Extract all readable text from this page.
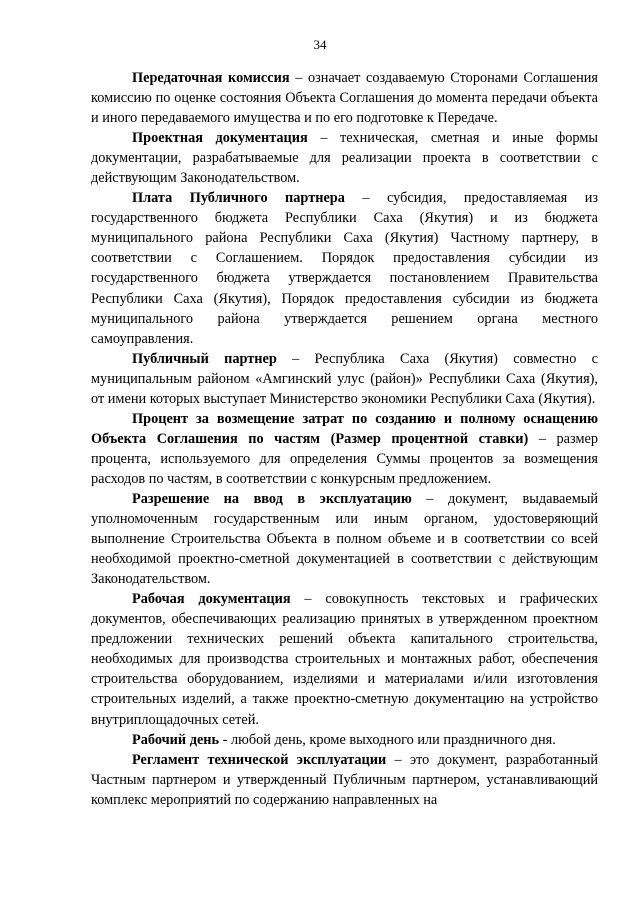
34

Передаточная комиссия – означает создаваемую Сторонами Соглашения комиссию по оценке состояния Объекта Соглашения до момента передачи объекта и иного передаваемого имущества и по его подготовке к Передаче.

Проектная документация – техническая, сметная и иные формы документации, разрабатываемые для реализации проекта в соответствии с действующим Законодательством.

Плата Публичного партнера – субсидия, предоставляемая из государственного бюджета Республики Саха (Якутия) и из бюджета муниципального района Республики Саха (Якутия) Частному партнеру, в соответствии с Соглашением. Порядок предоставления субсидии из государственного бюджета утверждается постановлением Правительства Республики Саха (Якутия), Порядок предоставления субсидии из бюджета муниципального района утверждается решением органа местного самоуправления.

Публичный партнер – Республика Саха (Якутия) совместно с муниципальным районом «Амгинский улус (район)» Республики Саха (Якутия), от имени которых выступает Министерство экономики Республики Саха (Якутия).

Процент за возмещение затрат по созданию и полному оснащению Объекта Соглашения по частям (Размер процентной ставки) – размер процента, используемого для определения Суммы процентов за возмещения расходов по частям, в соответствии с конкурсным предложением.

Разрешение на ввод в эксплуатацию – документ, выдаваемый уполномоченным государственным или иным органом, удостоверяющий выполнение Строительства Объекта в полном объеме и в соответствии со всей необходимой проектно-сметной документацией в соответствии с действующим Законодательством.

Рабочая документация – совокупность текстовых и графических документов, обеспечивающих реализацию принятых в утвержденном проектном предложении технических решений объекта капитального строительства, необходимых для производства строительных и монтажных работ, обеспечения строительства оборудованием, изделиями и материалами и/или изготовления строительных изделий, а также проектно-сметную документацию на устройство внутриплощадочных сетей.

Рабочий день - любой день, кроме выходного или праздничного дня.

Регламент технической эксплуатации – это документ, разработанный Частным партнером и утвержденный Публичным партнером, устанавливающий комплекс мероприятий по содержанию направленных на
